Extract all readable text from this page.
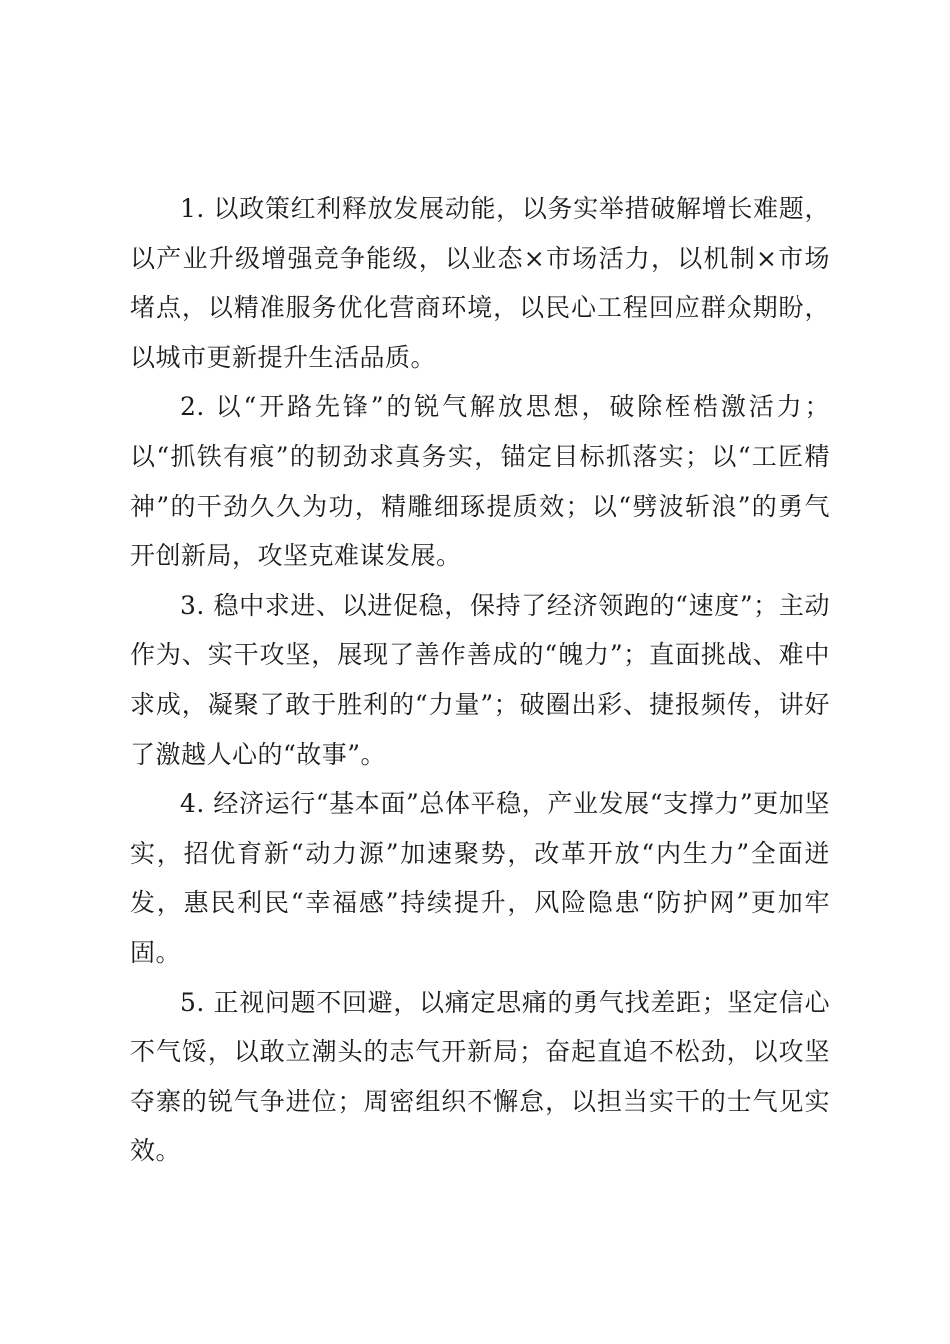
1. 以政策红利释放发展动能，以务实举措破解增长难题，以产业升级增强竞争能级，以业态×市场活力，以机制×市场堵点，以精准服务优化营商环境，以民心工程回应群众期盼，以城市更新提升生活品质。

2. 以“开路先锋”的锐气解放思想，破除桎梏激活力；以“抓铁有痕”的韧劲求真务实，锚定目标抓落实；以“工匠精神”的干劲久久为功，精雕细琢提质效；以“劈波斩浪”的勇气开创新局，攻坚克难谋发展。

3. 稳中求进、以进促稳，保持了经济领跑的“速度”；主动作为、实干攻坚，展现了善作善成的“魄力”；直面挑战、难中求成，凝聚了敢于胜利的“力量”；破圈出彩、捷报频传，讲好了激越人心的“故事”。

4. 经济运行“基本面”总体平稳，产业发展“支撑力”更加坚实，招优育新“动力源”加速聚势，改革开放“内生力”全面迸发，惠民利民“幸福感”持续提升，风险隐患“防护网”更加牢固。

5. 正视问题不回避，以痛定思痛的勇气找差距；坚定信心不气馁，以敢立潮头的志气开新局；奋起直追不松劲，以攻坚夺寨的锐气争进位；周密组织不懈怠，以担当实干的士气见实效。
